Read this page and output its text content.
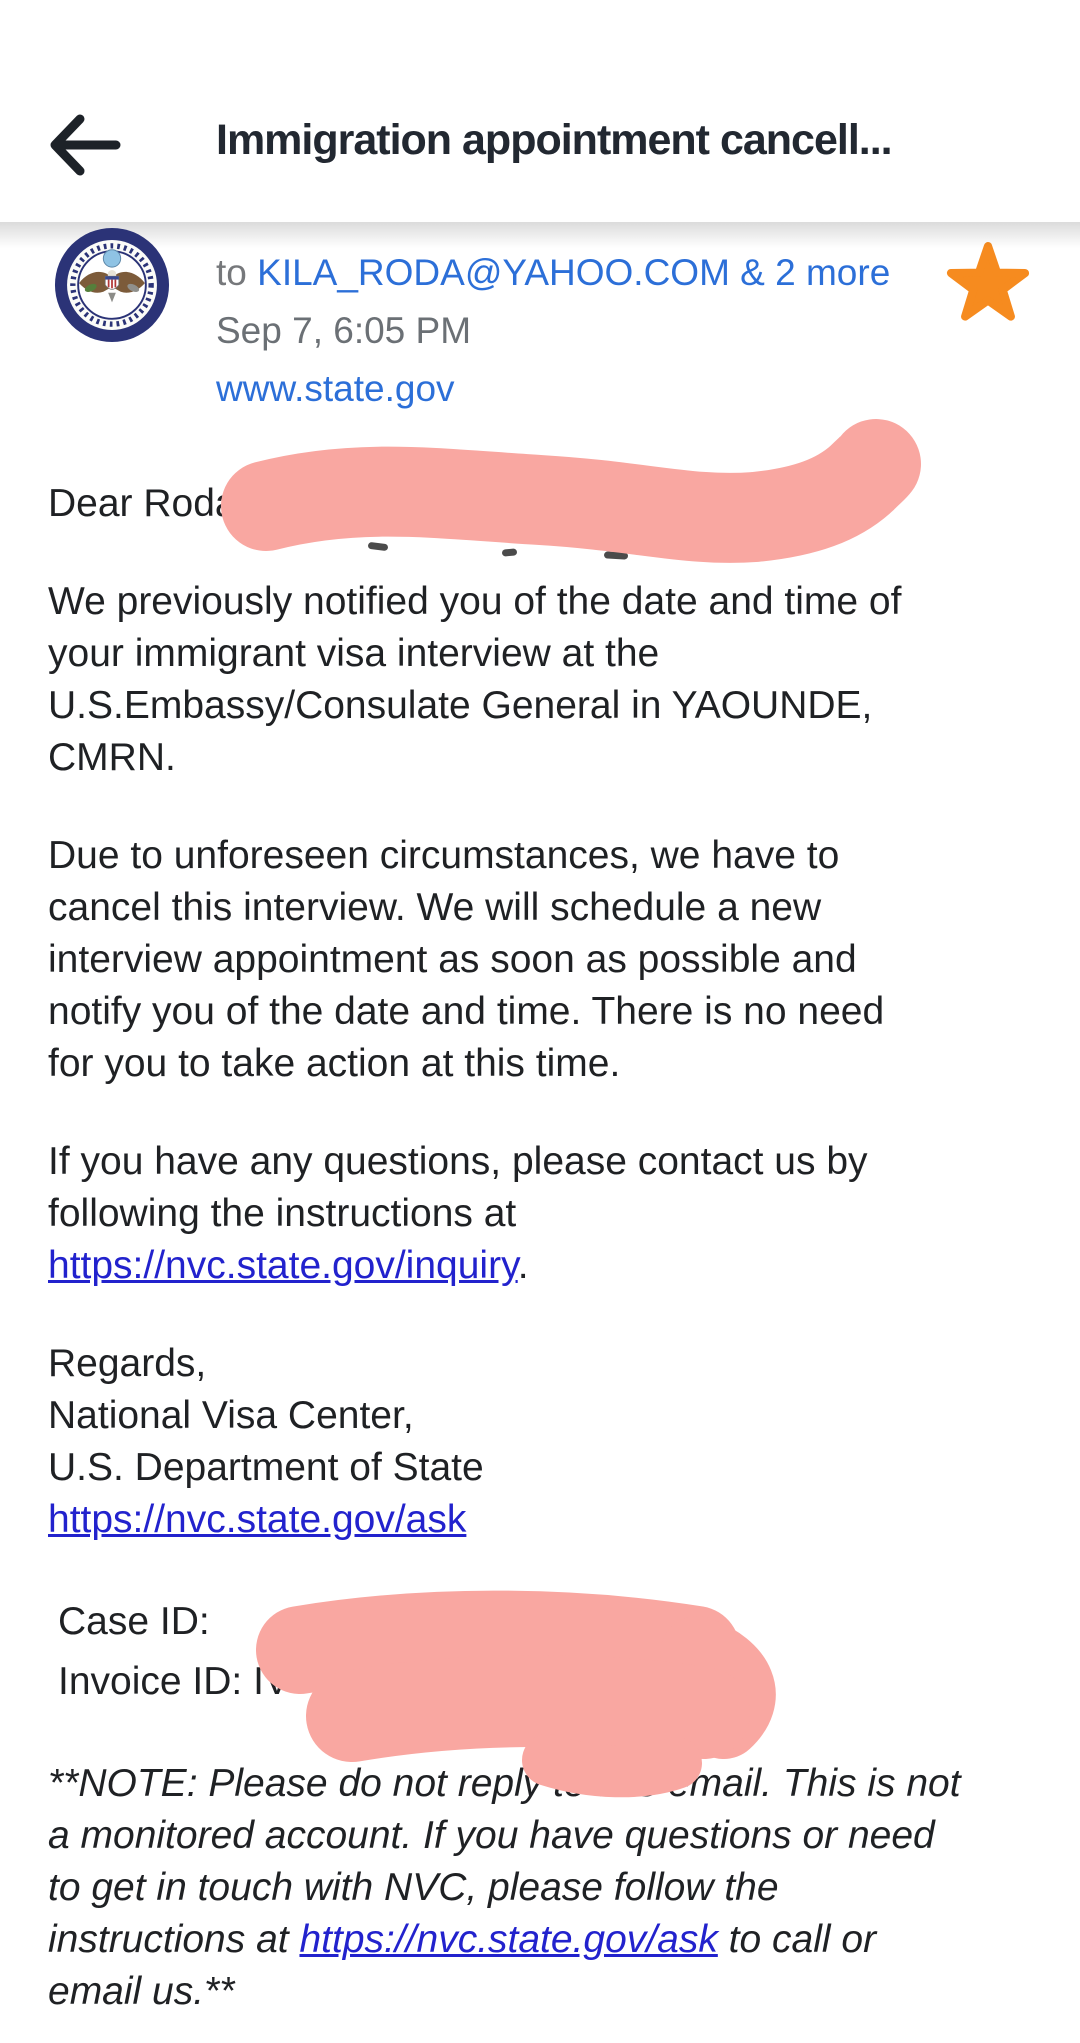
Immigration appointment cancell...
to KILA_RODA@YAHOO.COM & 2 more
Sep 7, 6:05 PM
www.state.gov
Dear Roda
We previously notified you of the date and time of
your immigrant visa interview at the
U.S.Embassy/Consulate General in YAOUNDE,
CMRN.
Due to unforeseen circumstances, we have to
cancel this interview. We will schedule a new
interview appointment as soon as possible and
notify you of the date and time. There is no need
for you to take action at this time.
If you have any questions, please contact us by
following the instructions at
https://nvc.state.gov/inquiry.
Regards,
National Visa Center,
U.S. Department of State
https://nvc.state.gov/ask
Case ID:
Invoice ID: IV
**NOTE: Please do not reply to this email. This is not
a monitored account. If you have questions or need
to get in touch with NVC, please follow the
instructions at https://nvc.state.gov/ask to call or
email us.**
